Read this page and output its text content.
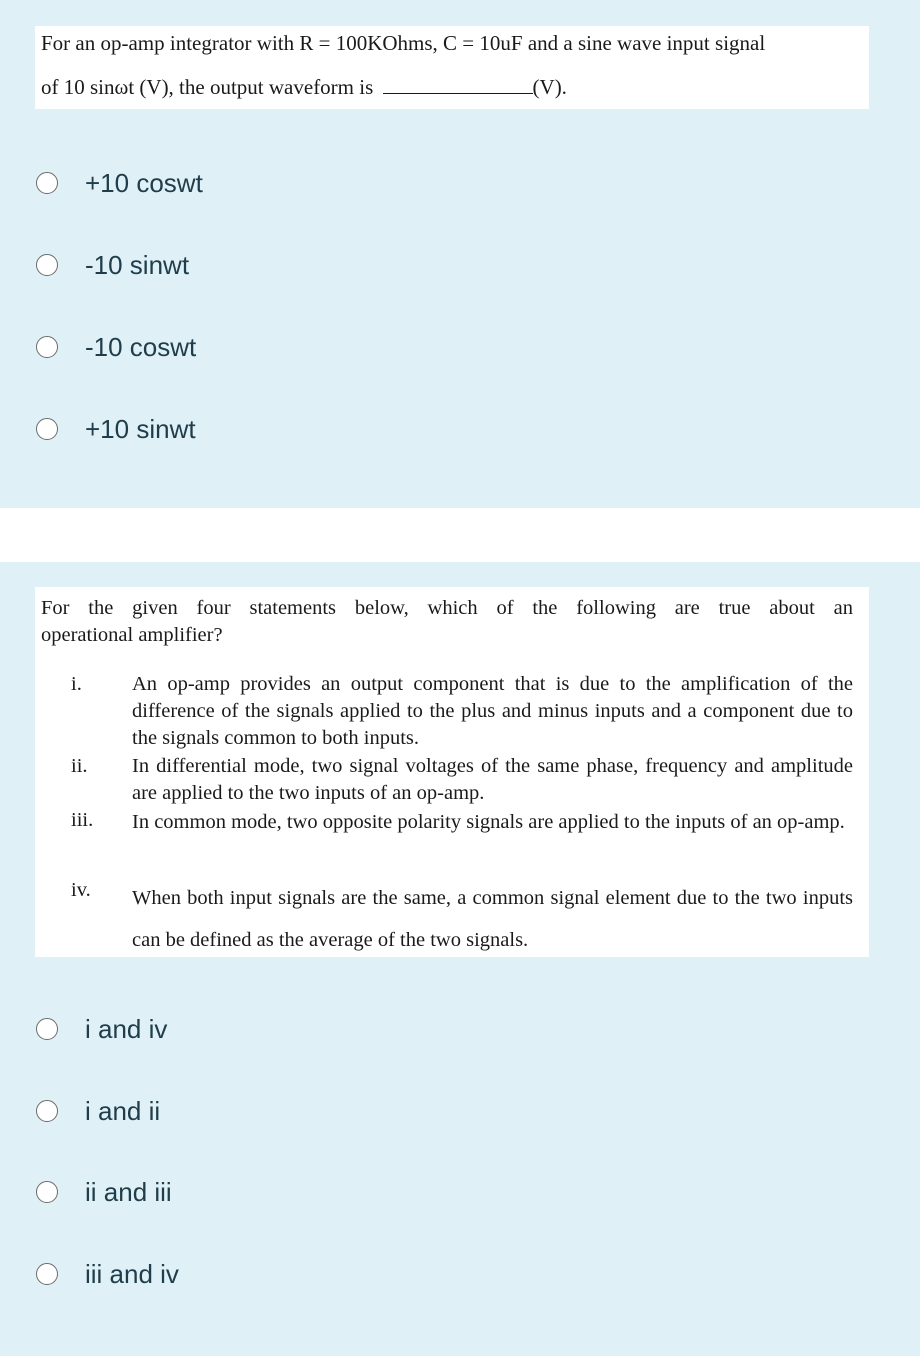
For an op-amp integrator with R = 100KOhms, C = 10uF and a sine wave input signal
of 10 sinωt (V), the output waveform is	(V).
+10 coswt
-10 sinwt
-10 coswt
+10 sinwt
For the given four statements below, which of the following are true about an
operational amplifier?
i.	An op-amp provides an output component that is due to the amplification of the difference of the signals applied to the plus and minus inputs and a component due to the signals common to both inputs.
ii.	In differential mode, two signal voltages of the same phase, frequency and amplitude are applied to the two inputs of an op-amp.
iii.	In common mode, two opposite polarity signals are applied to the inputs of an op-amp.
iv.	When both input signals are the same, a common signal element due to the two inputs can be defined as the average of the two signals.
i and iv
i and ii
ii and iii
iii and iv
